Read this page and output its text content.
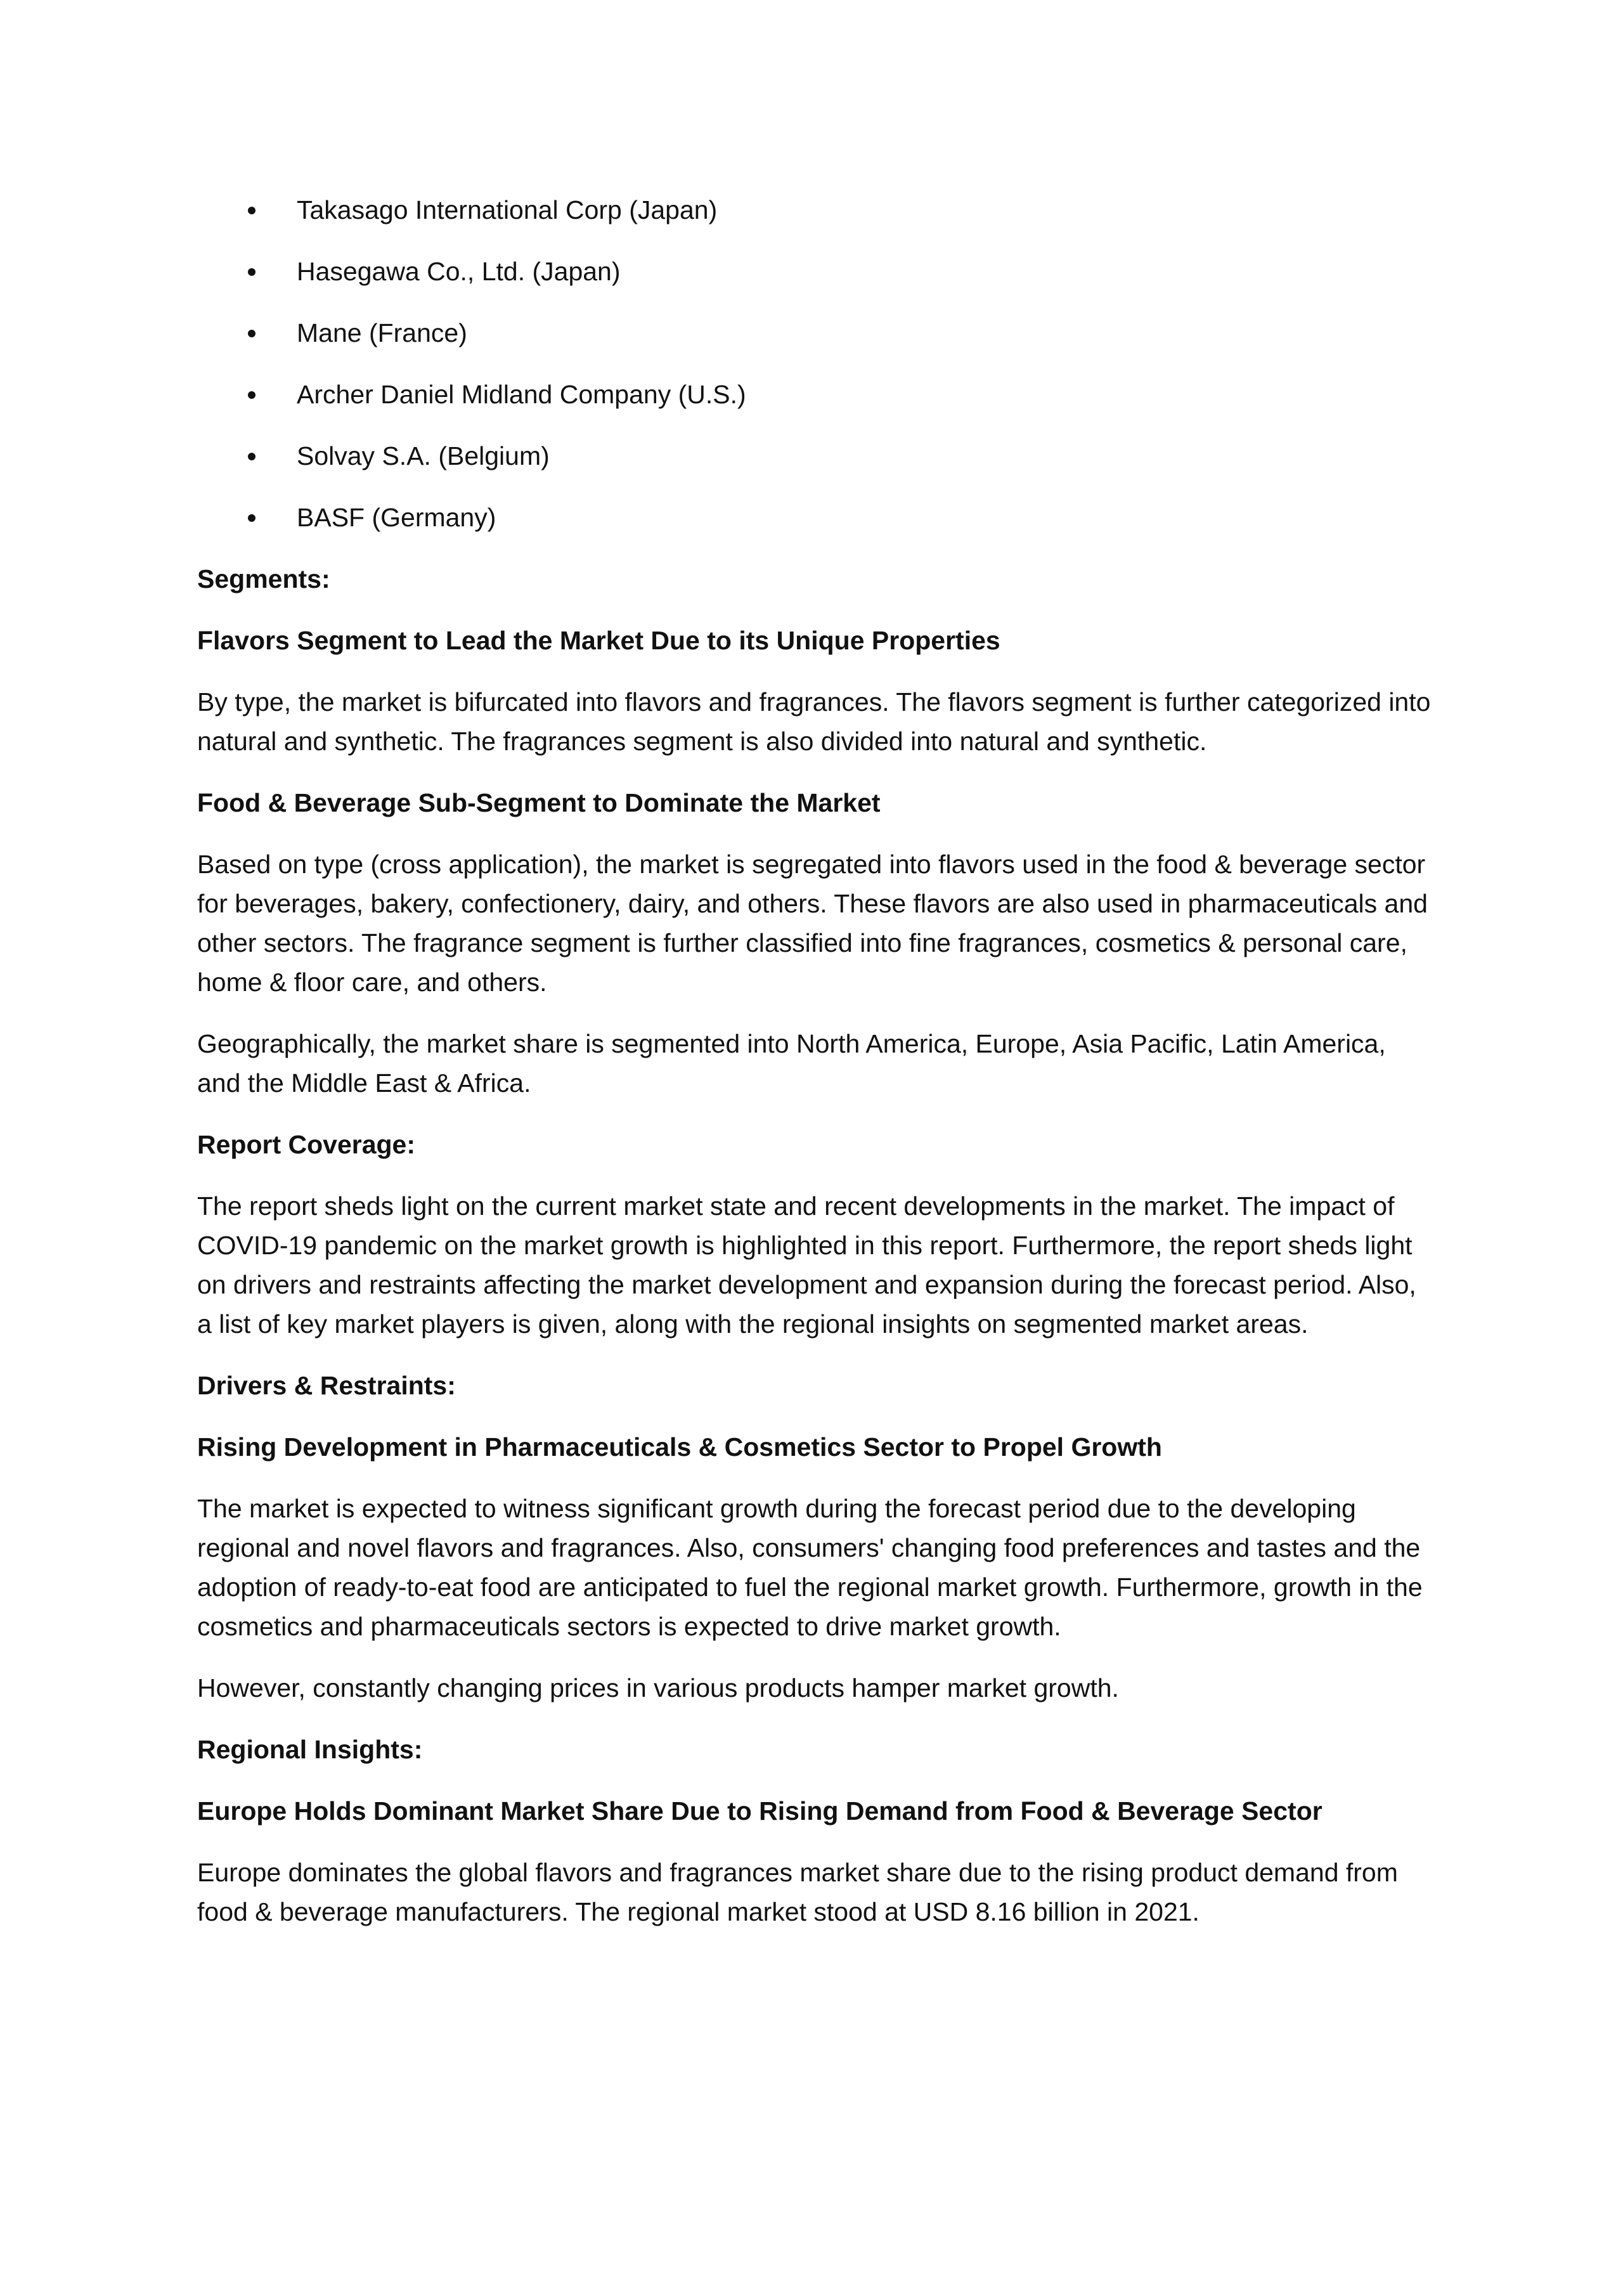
Takasago International Corp (Japan)
Hasegawa Co., Ltd. (Japan)
Mane (France)
Archer Daniel Midland Company (U.S.)
Solvay S.A. (Belgium)
BASF (Germany)

Segments:

Flavors Segment to Lead the Market Due to its Unique Properties

By type, the market is bifurcated into flavors and fragrances. The flavors segment is further categorized into natural and synthetic. The fragrances segment is also divided into natural and synthetic.

Food & Beverage Sub-Segment to Dominate the Market

Based on type (cross application), the market is segregated into flavors used in the food & beverage sector for beverages, bakery, confectionery, dairy, and others. These flavors are also used in pharmaceuticals and other sectors. The fragrance segment is further classified into fine fragrances, cosmetics & personal care, home & floor care, and others.

Geographically, the market share is segmented into North America, Europe, Asia Pacific, Latin America, and the Middle East & Africa.

Report Coverage:

The report sheds light on the current market state and recent developments in the market. The impact of COVID-19 pandemic on the market growth is highlighted in this report. Furthermore, the report sheds light on drivers and restraints affecting the market development and expansion during the forecast period. Also, a list of key market players is given, along with the regional insights on segmented market areas.

Drivers & Restraints:

Rising Development in Pharmaceuticals & Cosmetics Sector to Propel Growth

The market is expected to witness significant growth during the forecast period due to the developing regional and novel flavors and fragrances. Also, consumers' changing food preferences and tastes and the adoption of ready-to-eat food are anticipated to fuel the regional market growth. Furthermore, growth in the cosmetics and pharmaceuticals sectors is expected to drive market growth.

However, constantly changing prices in various products hamper market growth.

Regional Insights:

Europe Holds Dominant Market Share Due to Rising Demand from Food & Beverage Sector

Europe dominates the global flavors and fragrances market share due to the rising product demand from food & beverage manufacturers. The regional market stood at USD 8.16 billion in 2021.
